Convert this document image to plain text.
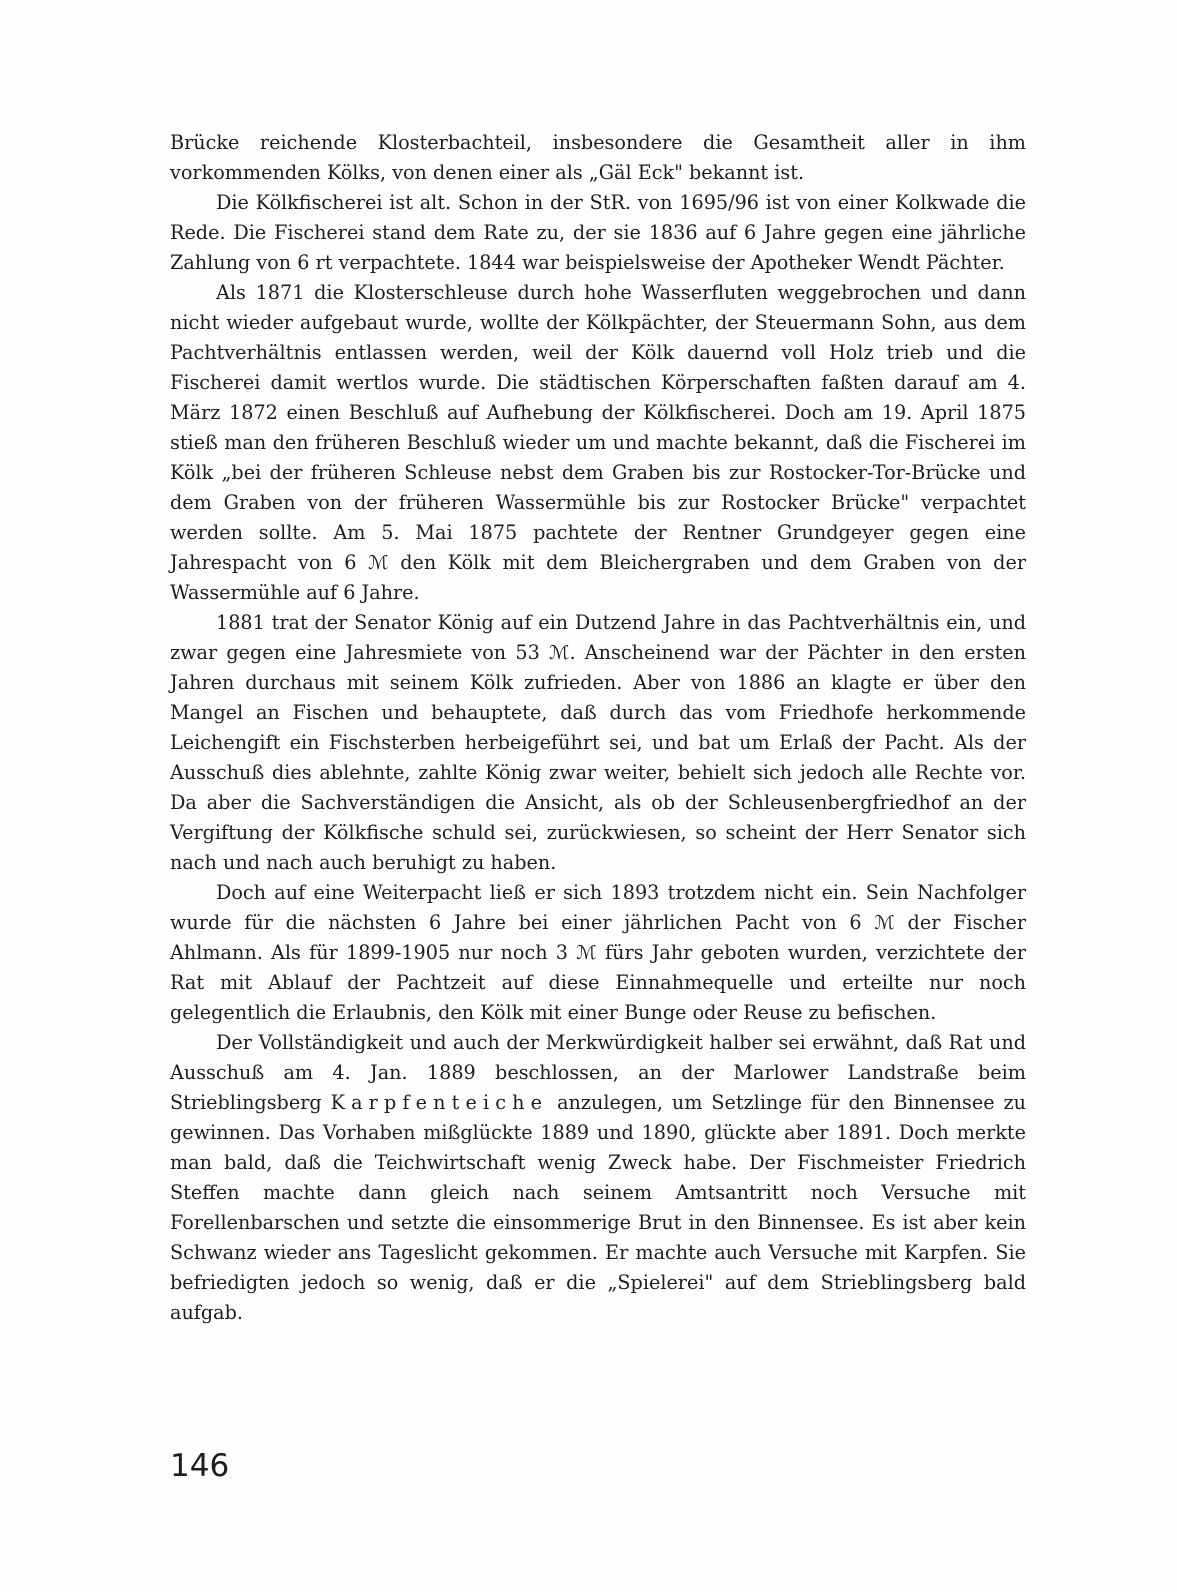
Brücke reichende Klosterbachteil, insbesondere die Gesamtheit aller in ihm vorkommenden Kölks, von denen einer als „Gäl Eck" bekannt ist.

Die Kölkfischerei ist alt. Schon in der StR. von 1695/96 ist von einer Kolkwade die Rede. Die Fischerei stand dem Rate zu, der sie 1836 auf 6 Jahre gegen eine jährliche Zahlung von 6 rt verpachtete. 1844 war beispielsweise der Apotheker Wendt Pächter.

Als 1871 die Klosterschleuse durch hohe Wasserfluten weggebrochen und dann nicht wieder aufgebaut wurde, wollte der Kölkpächter, der Steuermann Sohn, aus dem Pachtverhältnis entlassen werden, weil der Kölk dauernd voll Holz trieb und die Fischerei damit wertlos wurde. Die städtischen Körperschaften faßten darauf am 4. März 1872 einen Beschluß auf Aufhebung der Kölkfischerei. Doch am 19. April 1875 stieß man den früheren Beschluß wieder um und machte bekannt, daß die Fischerei im Kölk „bei der früheren Schleuse nebst dem Graben bis zur Rostocker-Tor-Brücke und dem Graben von der früheren Wassermühle bis zur Rostocker Brücke" verpachtet werden sollte. Am 5. Mai 1875 pachtete der Rentner Grundgeyer gegen eine Jahrespacht von 6 ℳ den Kölk mit dem Bleichergraben und dem Graben von der Wassermühle auf 6 Jahre.

1881 trat der Senator König auf ein Dutzend Jahre in das Pachtverhältnis ein, und zwar gegen eine Jahresmiete von 53 ℳ. Anscheinend war der Pächter in den ersten Jahren durchaus mit seinem Kölk zufrieden. Aber von 1886 an klagte er über den Mangel an Fischen und behauptete, daß durch das vom Friedhofe herkommende Leichengift ein Fischsterben herbeigeführt sei, und bat um Erlaß der Pacht. Als der Ausschuß dies ablehnte, zahlte König zwar weiter, behielt sich jedoch alle Rechte vor. Da aber die Sachverständigen die Ansicht, als ob der Schleusenbergfriedhof an der Vergiftung der Kölkfische schuld sei, zurückwiesen, so scheint der Herr Senator sich nach und nach auch beruhigt zu haben.

Doch auf eine Weiterpacht ließ er sich 1893 trotzdem nicht ein. Sein Nachfolger wurde für die nächsten 6 Jahre bei einer jährlichen Pacht von 6 ℳ der Fischer Ahlmann. Als für 1899-1905 nur noch 3 ℳ fürs Jahr geboten wurden, verzichtete der Rat mit Ablauf der Pachtzeit auf diese Einnahmequelle und erteilte nur noch gelegentlich die Erlaubnis, den Kölk mit einer Bunge oder Reuse zu befischen.

Der Vollständigkeit und auch der Merkwürdigkeit halber sei erwähnt, daß Rat und Ausschuß am 4. Jan. 1889 beschlossen, an der Marlower Landstraße beim Strieblingsberg Karpfenteiche anzulegen, um Setzlinge für den Binnensee zu gewinnen. Das Vorhaben mißglückte 1889 und 1890, glückte aber 1891. Doch merkte man bald, daß die Teichwirtschaft wenig Zweck habe. Der Fischmeister Friedrich Steffen machte dann gleich nach seinem Amtsantritt noch Versuche mit Forellenbarschen und setzte die einsommerige Brut in den Binnensee. Es ist aber kein Schwanz wieder ans Tageslicht gekommen. Er machte auch Versuche mit Karpfen. Sie befriedigten jedoch so wenig, daß er die „Spielerei" auf dem Strieblingsberg bald aufgab.

146
